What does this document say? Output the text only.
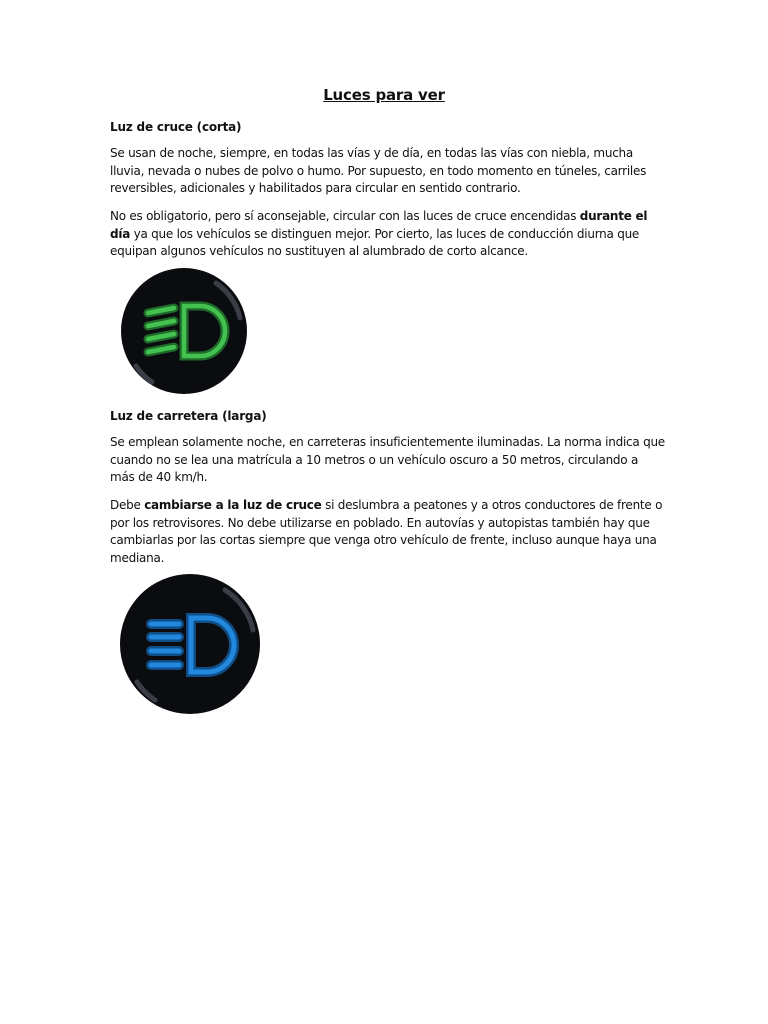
Luces para ver
Luz de cruce (corta)

Se usan de noche, siempre, en todas las vías y de día, en todas las vías con niebla, mucha lluvia, nevada o nubes de polvo o humo. Por supuesto, en todo momento en túneles, carriles reversibles, adicionales y habilitados para circular en sentido contrario.

No es obligatorio, pero sí aconsejable, circular con las luces de cruce encendidas durante el día ya que los vehículos se distinguen mejor. Por cierto, las luces de conducción diurna que equipan algunos vehículos no sustituyen al alumbrado de corto alcance.

Luz de carretera (larga)

Se emplean solamente noche, en carreteras insuficientemente iluminadas. La norma indica que cuando no se lea una matrícula a 10 metros o un vehículo oscuro a 50 metros, circulando a más de 40 km/h.

Debe cambiarse a la luz de cruce si deslumbra a peatones y a otros conductores de frente o por los retrovisores. No debe utilizarse en poblado. En autovías y autopistas también hay que cambiarlas por las cortas siempre que venga otro vehículo de frente, incluso aunque haya una mediana.
